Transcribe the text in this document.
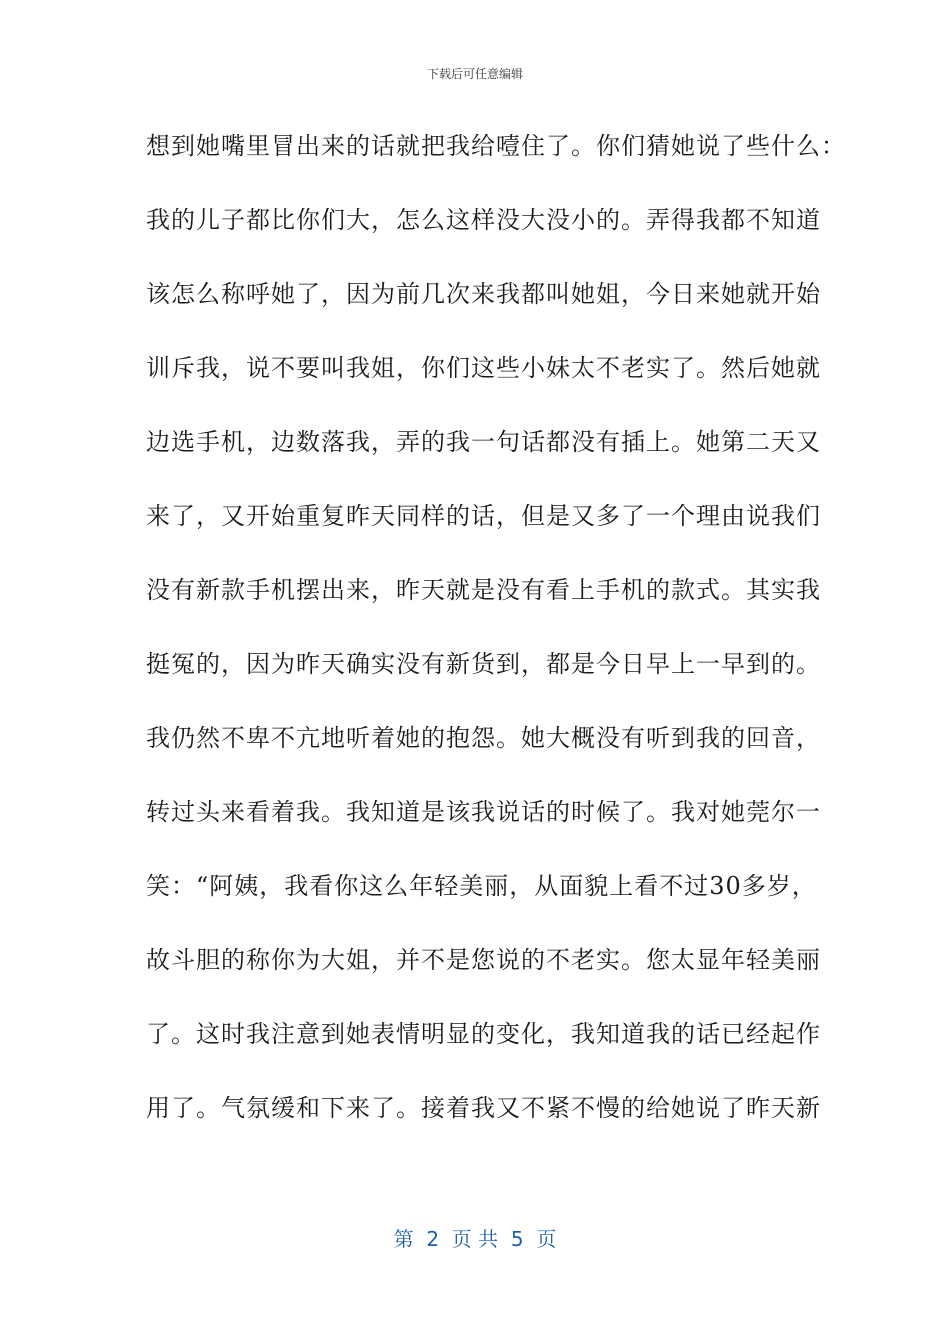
下载后可任意编辑
想到她嘴里冒出来的话就把我给噎住了。你们猜她说了些什么：
我的儿子都比你们大，怎么这样没大没小的。弄得我都不知道
该怎么称呼她了，因为前几次来我都叫她姐，今日来她就开始
训斥我，说不要叫我姐，你们这些小妹太不老实了。然后她就
边选手机，边数落我，弄的我一句话都没有插上。她第二天又
来了，又开始重复昨天同样的话，但是又多了一个理由说我们
没有新款手机摆出来，昨天就是没有看上手机的款式。其实我
挺冤的，因为昨天确实没有新货到，都是今日早上一早到的。
我仍然不卑不亢地听着她的抱怨。她大概没有听到我的回音，
转过头来看着我。我知道是该我说话的时候了。我对她莞尔一
笑：“阿姨，我看你这么年轻美丽，从面貌上看不过30多岁，
故斗胆的称你为大姐，并不是您说的不老实。您太显年轻美丽
了。这时我注意到她表情明显的变化，我知道我的话已经起作
用了。气氛缓和下来了。接着我又不紧不慢的给她说了昨天新
第  2  页 共  5  页
